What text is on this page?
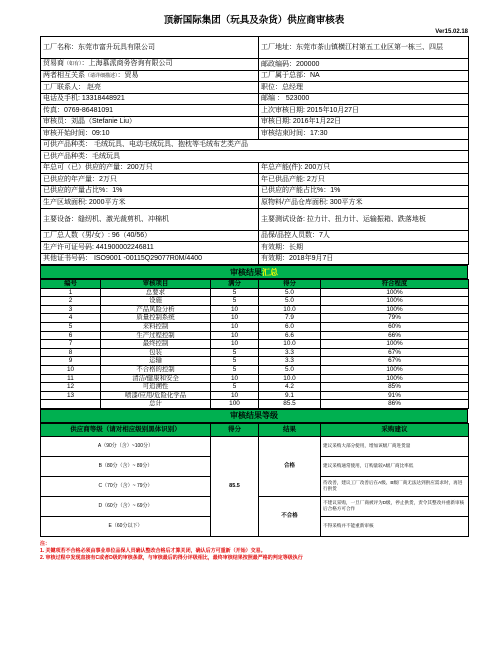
顶新国际集团（玩具及杂货）供应商审核表
Ver15.02.18
工厂名称：东莞市富升玩具有限公司	工厂地址：东莞市茶山镇横江村第五工业区第一栋三、四层
贸易商（如有）：上海慕派商务咨询有限公司	邮政编码：200000
两者相互关系（请详细描述）：贸易	工厂属于总部：NA
工厂联系人： 赵亮	职位：总经理
电话及手机: 13318448921	邮编 ： 523000
传真：0769-86481091	上次审核日期: 2015年10月27日
审核员：刘晶（Stefanie Liu）	审核日期: 2016年1月22日
审核开始时间：09:10	审核结束时间：17:30
可供产品种类： 毛绒玩具、电动毛绒玩具、抱枕等毛绒布艺类产品	
已供产品种类：毛绒玩具	
年总可（已）供应的产量：200万只	年总产能(件): 200万只
已供应的年产量：2万只	年已供品产能: 2万只
已供应的产量占比%：1%	已供应的产能占比%：1%
生产区域面积: 2000平方米	原物料/产品仓库面积: 300平方米
主要设备：缝纫机、激光裁剪机、冲棉机	主要测试设备: 拉力计、扭力计、运输振箱、跌落地板
工厂总人数（男/女）: 96（40/56）	品保/品控人员数：7人
生产许可证号码: 441900002246811	有效期：长期
其他证书号码： ISO9001 -00115Q29077R0M/4400	有效期：2018年9月7日
审核结果汇总
编号	审核项目	满分	得分	符合程度
1	总要求	5	5.0	100%
2	设施	5	5.0	100%
3	产品风险分析	10	10.0	100%
4	质量控制系统	10	7.9	79%
5	来料控制	10	6.0	60%
6	生产过程控制	10	6.6	66%
7	最终控制	10	10.0	100%
8	包装	5	3.3	67%
9	运输	5	3.3	67%
10	不合格的控制	5	5.0	100%
11	清洁/健康和安全	10	10.0	100%
12	可追溯性	5	4.2	85%
13	喷漆/应用/危险化学品	10	9.1	91%
	总计	100	85.5	86%
审核结果等级
供应商等级（请对相应级别黑体识别）	得分	结果	采购建议
A（90分（含）~100分）	85.5	合格	建议采购大部分使用，增加该级厂商进货量
B（80分（含）~ 89分）			建议采购通常使用，订购量较A级厂商比率低
C（70分（含）~ 79分）			待改善，建议工厂改善后在A级、B级厂商无法达到供应需求时，再进行供货
D（60分（含）~ 69分）		不合格	不建议采购，一旦厂商被评为D级，停止供货，责令其整改并重新审核后合格方可合作
E（60分以下）			不得采购并不能重新审核
注：
1. 关键项若不合格必须由事业单位品保人员确认整改合格后才算关闭，确认后方可重新（开始）交易。
2. 审核过程中发现直接有C或者D级的审核条款，与审核最后的得分评级相比，最终审核结果按照最严格的判定等级执行
